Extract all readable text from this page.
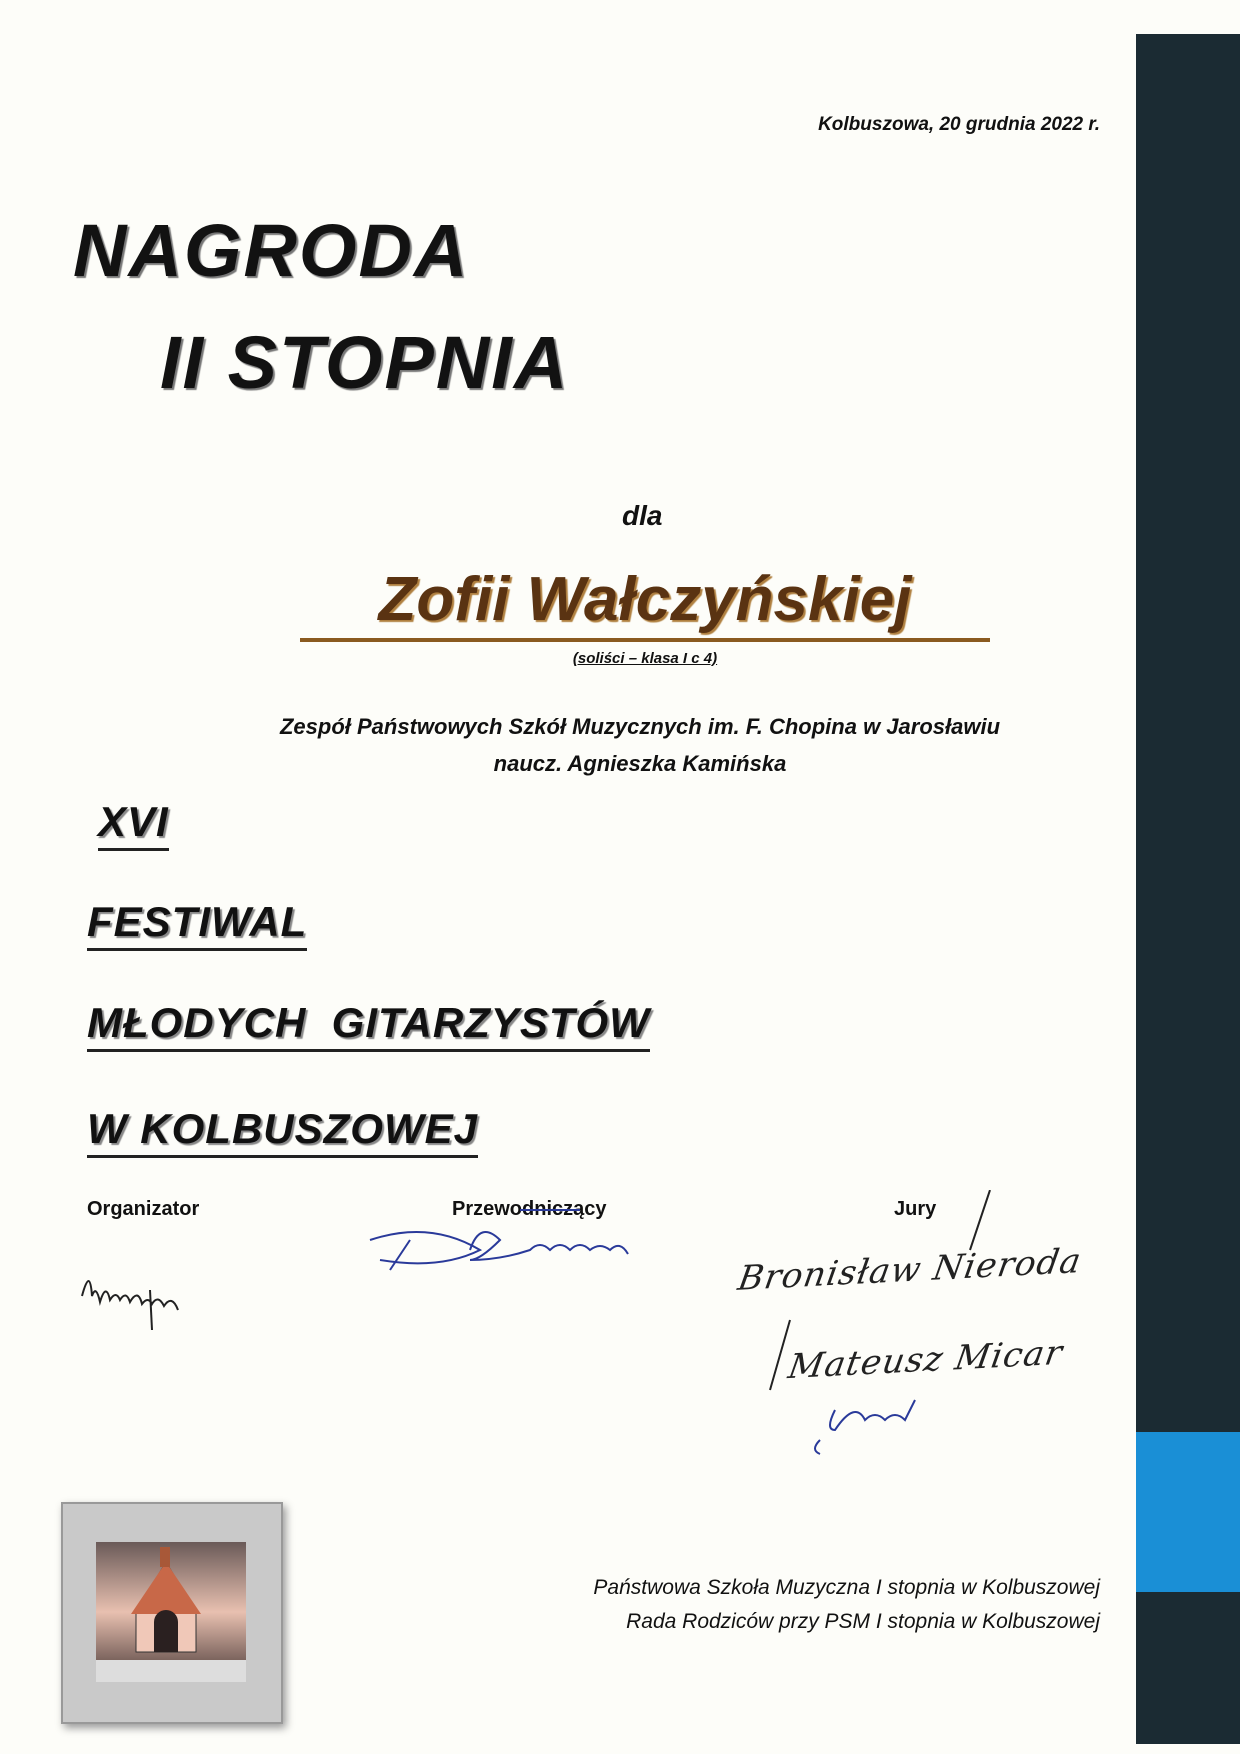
Kolbuszowa, 20 grudnia 2022 r.
NAGRODA
II STOPNIA
dla
Zofii Wałczyńskiej
(soliści – klasa I c 4)
Zespół Państwowych Szkół Muzycznych im. F. Chopina w Jarosławiu
naucz. Agnieszka Kamińska
XVI
FESTIWAL
MŁODYCH  GITARZYSTÓW
W KOLBUSZOWEJ
Organizator	Przewodniczący	Jury
Bronisław Nieroda
Mateusz Micar
Państwowa Szkoła Muzyczna I stopnia w Kolbuszowej
Rada Rodziców przy PSM I stopnia w Kolbuszowej
